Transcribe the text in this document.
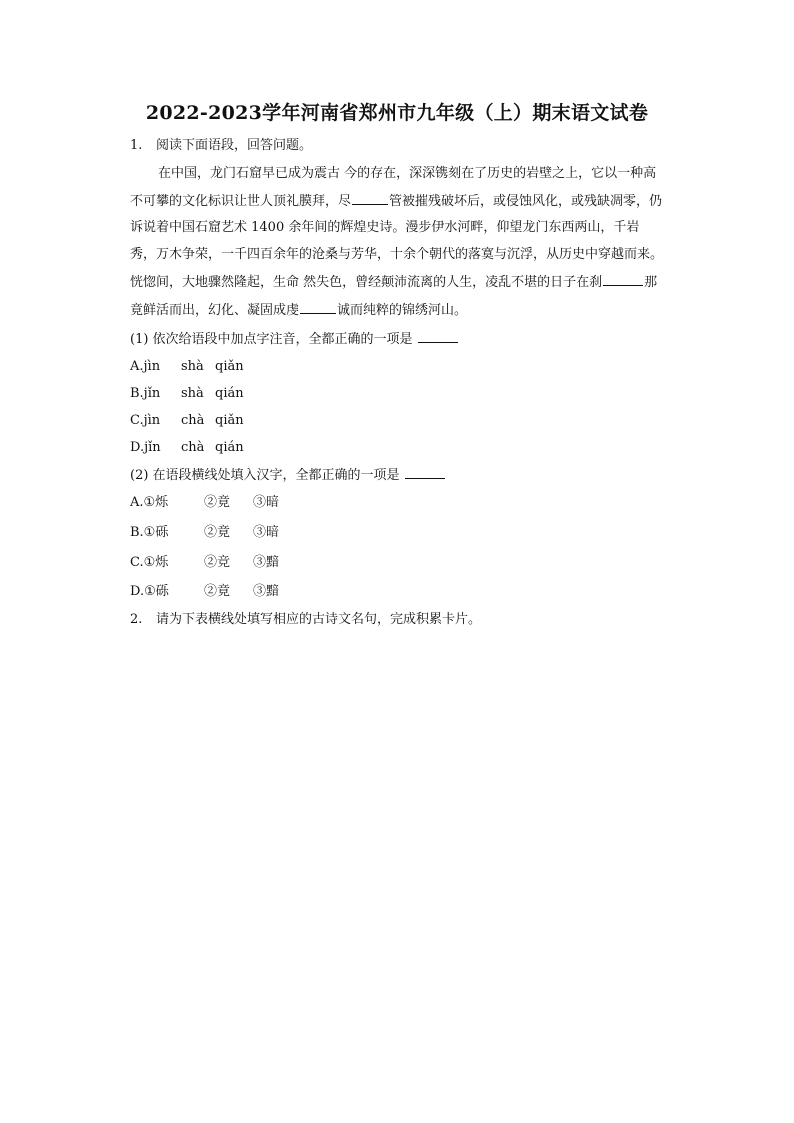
2022-2023学年河南省郑州市九年级（上）期末语文试卷
1. 阅读下面语段，回答问题。
在中国，龙门石窟早已成为震古 今的存在，深深镌刻在了历史的岩壁之上，它以一种高
不可攀的文化标识让世人顶礼膜拜，尽	管被摧残破坏后，或侵蚀风化，或残缺凋零，仍
诉说着中国石窟艺术 1400 余年间的辉煌史诗。漫步伊水河畔，仰望龙门东西两山，千岩
秀，万木争荣，一千四百余年的沧桑与芳华，十余个朝代的落寞与沉浮，从历史中穿越而来。
恍惚间，大地骤然隆起，生命 然失色，曾经颠沛流离的人生，凌乱不堪的日子在刹	那
竟鲜活而出，幻化、凝固成虔	诚而纯粹的锦绣河山。
(1) 依次给语段中加点字注音，全都正确的一项是
A.jìn shà qiǎn
B.jǐn shà qián
C.jìn chà qiǎn
D.jǐn chà qián
(2) 在语段横线处填入汉字，全都正确的一项是
A.①烁	②竟 ③暗
B.①砾	②竟 ③暗
C.①烁	②竞 ③黯
D.①砾	②竟 ③黯
2. 请为下表横线处填写相应的古诗文名句，完成积累卡片。
